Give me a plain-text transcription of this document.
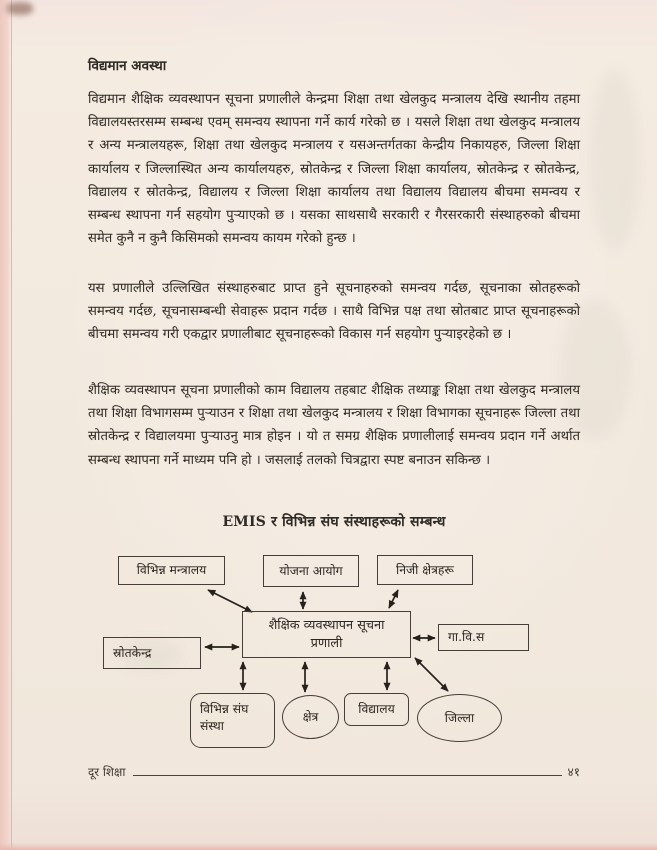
विद्यमान अवस्था

विद्यमान शैक्षिक व्यवस्थापन सूचना प्रणालीले केन्द्रमा शिक्षा तथा खेलकुद मन्त्रालय देखि स्थानीय तहमा विद्यालयस्तरसम्म सम्बन्ध एवम् समन्वय स्थापना गर्ने कार्य गरेको छ । यसले शिक्षा तथा खेलकुद मन्त्रालय र अन्य मन्त्रालयहरू, शिक्षा तथा खेलकुद मन्त्रालय र यसअन्तर्गतका केन्द्रीय निकायहरु, जिल्ला शिक्षा कार्यालय र जिल्लास्थित अन्य कार्यालयहरु, स्रोतकेन्द्र र जिल्ला शिक्षा कार्यालय, स्रोतकेन्द्र र स्रोतकेन्द्र, विद्यालय र स्रोतकेन्द्र, विद्यालय र जिल्ला शिक्षा कार्यालय तथा विद्यालय विद्यालय बीचमा समन्वय र सम्बन्ध स्थापना गर्न सहयोग पुऱ्याएको छ । यसका साथसाथै सरकारी र गैरसरकारी संस्थाहरुको बीचमा समेत कुनै न कुनै किसिमको समन्वय कायम गरेको हुन्छ ।

यस प्रणालीले उल्लिखित संस्थाहरुबाट प्राप्त हुने सूचनाहरुको समन्वय गर्दछ, सूचनाका स्रोतहरूको समन्वय गर्दछ, सूचनासम्बन्धी सेवाहरू प्रदान गर्दछ । साथै विभिन्न पक्ष तथा स्रोतबाट प्राप्त सूचनाहरूको बीचमा समन्वय गरी एकद्वार प्रणालीबाट सूचनाहरूको विकास गर्न सहयोग पुऱ्याइरहेको छ ।

शैक्षिक व्यवस्थापन सूचना प्रणालीको काम विद्यालय तहबाट शैक्षिक तथ्याङ्क शिक्षा तथा खेलकुद मन्त्रालय तथा शिक्षा विभागसम्म पुऱ्याउन र शिक्षा तथा खेलकुद मन्त्रालय र शिक्षा विभागका सूचनाहरू जिल्ला तथा स्रोतकेन्द्र र विद्यालयमा पुऱ्याउनु मात्र होइन । यो त समग्र शैक्षिक प्रणालीलाई समन्वय प्रदान गर्ने अर्थात सम्बन्ध स्थापना गर्ने माध्यम पनि हो । जसलाई तलको चित्रद्वारा स्पष्ट बनाउन सकिन्छ ।

EMIS र विभिन्न संघ संस्थाहरूको सम्बन्ध
विभिन्न मन्त्रालय	योजना आयोग	निजी क्षेत्रहरू
शैक्षिक व्यवस्थापन सूचना प्रणाली
स्रोतकेन्द्र
गा.वि.स
विभिन्न संघ संस्था
क्षेत्र
विद्यालय
जिल्ला
दूर शिक्षा	४१
